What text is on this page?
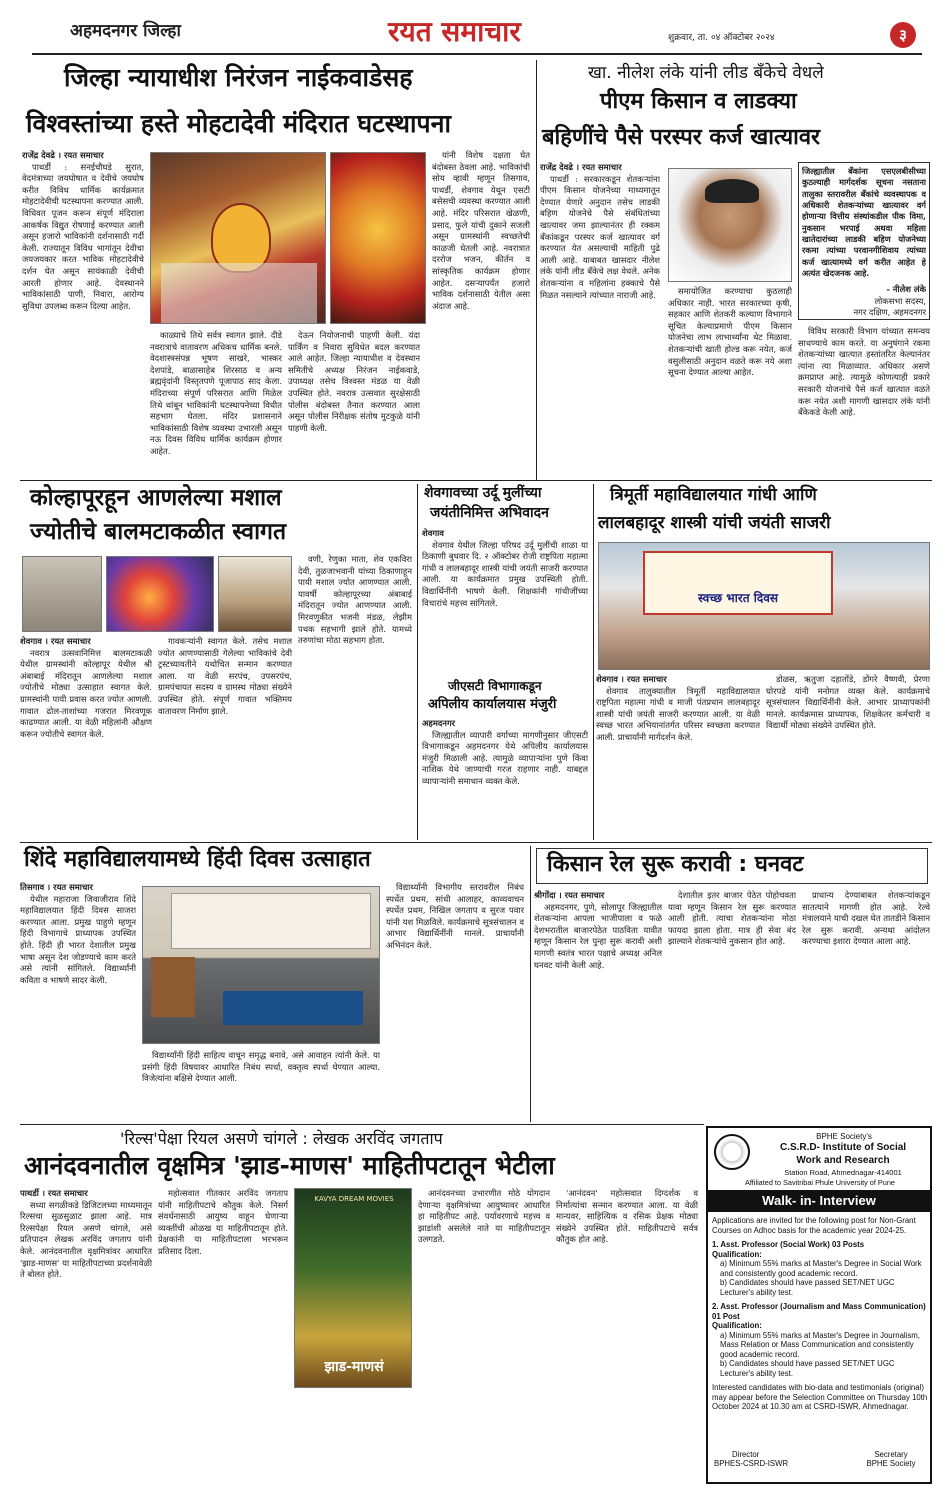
अहमदनगर जिल्हा	रयत समाचार	शुक्रवार, ता. ०४ ऑक्टोबर २०२४	३
जिल्हा न्यायाधीश निरंजन नाईकवाडेसह
विश्वस्तांच्या हस्ते मोहटादेवी मंदिरात घटस्थापना
राजेंद्र देवढे । रयत समाचार

पाथर्डी : सनईचौघडे सुरात, वेदमंत्राच्या जयघोषात व देवीचे जयघोष करीत विविध धार्मिक कार्यक्रमात मोहटादेवीची घटस्थापना करण्यात आली. विधिवत पूजन करून संपूर्ण मंदिराला आकर्षक विद्युत रोषणाई करण्यात आली असून हजारो भाविकांनी दर्शनासाठी गर्दी केली. राज्यातून विविध भागांतून देवीचा जयजयकार करत भाविक मोहटादेवीचे दर्शन घेत असून सायंकाळी देवीची आरती होणार आहे. देवस्थानने भाविकांसाठी पाणी, निवारा, आरोग्य सुविधा उपलब्ध करून दिल्या आहेत.

काळ्याचे तिथे सर्वत्र स्वागत झाले. दीडे नवरात्राचे वातावरण अधिकच धार्मिक बनले. वेदशास्त्रसंपन्न भूषण साखरे, भास्कर देशपांडे, बाळासाहेब शिरसाठ व अन्य ब्रह्मवृंदांनी विस्तृतपणे पूजापाठ साद केला. मंदिराच्या संपूर्ण परिसरात आणि मिळेल तिथे थांबून भाविकांनी घटस्थापनेच्या विधीत सहभाग घेतला. मंदिर प्रशासनाने भाविकांसाठी विशेष व्यवस्था उभारली असून नऊ दिवस विविध धार्मिक कार्यक्रम होणार आहेत.

देऊन नियोजनाची पाहणी केली. यंदा पार्किंग व निवारा सुविधेत बदल करण्यात आले आहेत. जिल्हा न्यायाधीश व देवस्थान समितीचे अध्यक्ष निरंजन नाईकवाडे, उपाध्यक्ष तसेच विश्वस्त मंडळ या वेळी उपस्थित होते. नवरात्र उत्सवात सुरक्षेसाठी पोलीस बंदोबस्त तैनात करण्यात आला असून पोलीस निरीक्षक संतोष मुटकुळे यांनी पाहणी केली.

यांनी विशेष दक्षता घेत बंदोबस्त ठेवला आहे. भाविकांची सोय व्हावी म्हणून तिसगाव, पाथर्डी, शेवगाव येथून एसटी बसेसची व्यवस्था करण्यात आली आहे. मंदिर परिसरात खेळणी, प्रसाद, फुले यांची दुकाने सजली असून ग्रामस्थांनी स्वच्छतेची काळजी घेतली आहे. नवरात्रात दररोज भजन, कीर्तन व सांस्कृतिक कार्यक्रम होणार आहेत. दसऱ्यापर्यंत हजारो भाविक दर्शनासाठी येतील असा अंदाज आहे.

खा. नीलेश लंके यांनी लीड बँकेचे वेधले
पीएम किसान व लाडक्या
बहिणींचे पैसे परस्पर कर्ज खात्यावर
राजेंद्र देवढे । रयत समाचार

पाथर्डी : सरकारकडून शेतकऱ्यांना पीएम किसान योजनेच्या माध्यमातून देण्यात येणारे अनुदान तसेच लाडकी बहिण योजनेचे पैसे संबंधितांच्या खात्यावर जमा झाल्यानंतर ही रक्कम बँकांकडून परस्पर कर्ज खात्यावर वर्ग करण्यात येत असल्याची माहिती पुढे आली आहे. याबाबत खासदार नीलेश लंके यांनी लीड बँकेचे लक्ष वेधले. अनेक शेतकऱ्यांना व महिलांना हक्काचे पैसे मिळत नसल्याने त्यांच्यात नाराजी आहे.	समायोजित करण्याचा कुठलाही अधिकार नाही. भारत सरकारच्या कृषी, सहकार आणि शेतकरी कल्याण विभागाने सूचित केल्याप्रमाणे पीएम किसान योजनेचा लाभ लाभार्थ्यांना थेट मिळावा. शेतकऱ्यांची खाती होल्ड करू नयेत, कर्ज वसुलीसाठी अनुदान वळते करू नये अशा सूचना देण्यात आल्या आहेत.

जिल्ह्यातील बँकांना एसएलबीसीच्या कुठल्याही मार्गदर्शक सूचना नसताना तालुका स्तरावरील बँकांचे व्यवस्थापक व अधिकारी शेतकऱ्यांच्या खात्यावर वर्ग होणाऱ्या वित्तीय संस्थांकडील पीक विमा, नुकसान भरपाई अथवा महिला खातेदारांच्या लाडकी बहिण योजनेच्या रकमा त्यांच्या परवानगीशिवाय त्यांच्या कर्ज खात्यामध्ये वर्ग करीत आहेत हे अत्यंत खेदजनक आहे.
- नीलेश लंके
लोकसभा सदस्य,
नगर दक्षिण, अहमदनगर

विविध सरकारी विभाग यांच्यात समन्वय साधण्याचे काम करते. या अनुषंगाने रकमा शेतकऱ्यांच्या खात्यात हस्तांतरित केल्यानंतर त्यांना त्या मिळाव्यात. अधिकार असणे क्रमप्राप्त आहे. त्यामुळे कोणत्याही प्रकारे सरकारी योजनांचे पैसे कर्ज खात्यात वळते करू नयेत अशी मागणी खासदार लंके यांनी बँकेकडे केली आहे.

कोल्हापूरहून आणलेल्या मशाल
ज्योतीचे बालमटाकळीत स्वागत
शेवगाव । रयत समाचार

नवरात्र उत्सवानिमित्त बालमटाकळी येथील ग्रामस्थांनी कोल्हापूर येथील श्री अंबाबाई मंदिरातून आणलेल्या मशाल ज्योतीचे मोठ्या उत्साहात स्वागत केले. ग्रामस्थांनी पायी प्रवास करत ज्योत आणली. गावात ढोल-ताशांच्या गजरात मिरवणूक काढण्यात आली. या वेळी महिलांनी औक्षण करून ज्योतीचे स्वागत केले.

गावकऱ्यांनी स्वागत केले. तसेच मशाल ज्योत आणण्यासाठी गेलेल्या भाविकांचे देवी ट्रस्टच्यावतीने यथोचित सन्मान करण्यात आला. या वेळी सरपंच, उपसरपंच, ग्रामपंचायत सदस्य व ग्रामस्थ मोठ्या संख्येने उपस्थित होते. संपूर्ण गावात भक्तिमय वातावरण निर्माण झाले.

वणी, रेणुका माता, शेव एकविरा देवी, तुळजाभवानी यांच्या ठिकाणाहून पायी मशाल ज्योत आणण्यात आली. यावर्षी कोल्हापूरच्या अंबाबाई मंदिरातून ज्योत आणण्यात आली. मिरवणुकीत भजनी मंडळ, लेझीम पथक सहभागी झाले होते. यामध्ये तरुणांचा मोठा सहभाग होता.

शेवगावच्या उर्दू मुलींच्या
जयंतीनिमित्त अभिवादन
शेवगाव

शेवगाव येथील जिल्हा परिषद उर्दू मुलींची शाळा या ठिकाणी बुधवार दि. २ ऑक्टोबर रोजी राष्ट्रपिता महात्मा गांधी व लालबहादूर शास्त्री यांची जयंती साजरी करण्यात आली. या कार्यक्रमात प्रमुख उपस्थिती होती. विद्यार्थिनींनी भाषणे केली. शिक्षकांनी गांधीजींच्या विचारांचे महत्त्व सांगितले.

जीएसटी विभागाकडून
अपिलीय कार्यालयास मंजुरी
अहमदनगर

जिल्ह्यातील व्यापारी वर्गाच्या मागणीनुसार जीएसटी विभागाकडून अहमदनगर येथे अपिलीय कार्यालयास मंजुरी मिळाली आहे. त्यामुळे व्यापाऱ्यांना पुणे किंवा नाशिक येथे जाण्याची गरज राहणार नाही. याबद्दल व्यापाऱ्यांनी समाधान व्यक्त केले.

त्रिमूर्ती महाविद्यालयात गांधी आणि
लालबहादूर शास्त्री यांची जयंती साजरी
स्वच्छ भारत दिवस
शेवगाव । रयत समाचार

शेवगाव तालुक्यातील त्रिमूर्ती महाविद्यालयात राष्ट्रपिता महात्मा गांधी व माजी पंतप्रधान लालबहादूर शास्त्री यांची जयंती साजरी करण्यात आली. या वेळी स्वच्छ भारत अभियानांतर्गत परिसर स्वच्छता करण्यात आली. प्राचार्यांनी मार्गदर्शन केले.

डोळस, ऋतुजा दहातोंडे, डोंगरे वैष्णवी, प्रेरणा घोरपडे यांनी मनोगत व्यक्त केले. कार्यक्रमाचे सूत्रसंचालन विद्यार्थिनींनी केले. आभार प्राध्यापकांनी मानले. कार्यक्रमास प्राध्यापक, शिक्षकेतर कर्मचारी व विद्यार्थी मोठ्या संख्येने उपस्थित होते.

शिंदे महाविद्यालयामध्ये हिंदी दिवस उत्साहात
तिसगाव । रयत समाचार

येथील महाराजा जिवाजीराव शिंदे महाविद्यालयात हिंदी दिवस साजरा करण्यात आला. प्रमुख पाहुणे म्हणून हिंदी विभागाचे प्राध्यापक उपस्थित होते. हिंदी ही भारत देशातील प्रमुख भाषा असून देश जोडण्याचे काम करते असे त्यांनी सांगितले. विद्यार्थ्यांनी कविता व भाषणे सादर केली.

विद्यार्थ्यांनी हिंदी साहित्य वाचून समृद्ध बनावे, असे आवाहन त्यांनी केले. या प्रसंगी हिंदी विषयावर आधारित निबंध स्पर्धा, वक्तृत्व स्पर्धा घेण्यात आल्या. विजेत्यांना बक्षिसे देण्यात आली.

विद्यार्थ्यांनी विभागीय स्तरावरील निबंध स्पर्धेत प्रथम, सांधी आलाहर, काव्यवाचन स्पर्धेत प्रथम, निखिल जगताप व सुरज पवार यांनी यश मिळविले. कार्यक्रमाचे सूत्रसंचालन व आभार विद्यार्थिनींनी मानले. प्राचार्यांनी अभिनंदन केले.

किसान रेल सुरू करावी : घनवट
श्रीगोंदा । रयत समाचार

अहमदनगर, पुणे, सोलापूर जिल्ह्यातील शेतकऱ्यांना आपला भाजीपाला व फळे देशभरातील बाजारपेठेत पाठविता यावीत म्हणून किसान रेल पुन्हा सुरू करावी अशी मागणी स्वतंत्र भारत पक्षाचे अध्यक्ष अनिल घनवट यांनी केली आहे.

देशातील इतर बाजार पेठेत पोहोचवता यावा म्हणून किसान रेल सुरू करण्यात आली होती. त्याचा शेतकऱ्यांना मोठा फायदा झाला होता. मात्र ही सेवा बंद झाल्याने शेतकऱ्यांचे नुकसान होत आहे.

प्राधान्य देण्याबाबत शेतकऱ्यांकडून सातत्याने मागणी होत आहे. रेल्वे मंत्रालयाने याची दखल घेत तातडीने किसान रेल सुरू करावी. अन्यथा आंदोलन करण्याचा इशारा देण्यात आला आहे.

'रिल्स'पेक्षा रियल असणे चांगले : लेखक अरविंद जगताप
आनंदवनातील वृक्षमित्र 'झाड-माणस' माहितीपटातून भेटीला
पाथर्डी । रयत समाचार

सध्या सगळीकडे डिजिटलच्या माध्यमातून रिल्सचा सुळसुळाट झाला आहे. मात्र रिल्सपेक्षा रियल असणे चांगले, असे प्रतिपादन लेखक अरविंद जगताप यांनी केले. आनंदवनातील वृक्षमित्रांवर आधारित 'झाड-माणस' या माहितीपटाच्या प्रदर्शनावेळी ते बोलत होते.

महोत्सवात गीतकार अरविंद जगताप यांनी माहितीपटाचे कौतुक केले. निसर्ग संवर्धनासाठी आयुष्य वाहून घेणाऱ्या व्यक्तींची ओळख या माहितीपटातून होते. प्रेक्षकांनी या माहितीपटाला भरभरून प्रतिसाद दिला.

KAVYA DREAM MOVIES
झाड-माणसं

आनंदवनच्या उभारणीत मोठे योगदान देणाऱ्या वृक्षमित्रांच्या आयुष्यावर आधारित हा माहितीपट आहे. पर्यावरणाचे महत्त्व व झाडांशी असलेले नाते या माहितीपटातून उलगडते.

'आनंदवन' महोत्सवात दिग्दर्शक व निर्मात्यांचा सन्मान करण्यात आला. या वेळी मान्यवर, साहित्यिक व रसिक प्रेक्षक मोठ्या संख्येने उपस्थित होते. माहितीपटाचे सर्वत्र कौतुक होत आहे.

BPHE Society's
C.S.R.D- Institute of Social
Work and Research
Station Road, Ahmednagar-414001
Affiliated to Savitribai Phule University of Pune
Walk- in- Interview
Applications are invited for the following post for Non-Grant Courses on Adhoc basis for the academic year 2024-25.
1. Asst. Professor (Social Work) 03 Posts
Qualification:
a) Minimum 55% marks at Master's Degree in Social Work and consistently good academic record.
b) Candidates should have passed SET/NET UGC Lecturer's ability test.
2. Asst. Professor (Journalism and Mass Communication) 01 Post
Qualification:
a) Minimum 55% marks at Master's Degree in Journalism, Mass Relation or Mass Communication and consistently good academic record.
b) Candidates should have passed SET/NET UGC Lecturer's ability test.
Interested candidates with bio-data and testimonials (original) may appear before the Selection Committee on Thursday 10th October 2024 at 10.30 am at CSRD-ISWR, Ahmednagar.
Director
BPHES-CSRD-ISWR
Secretary
BPHE Society
